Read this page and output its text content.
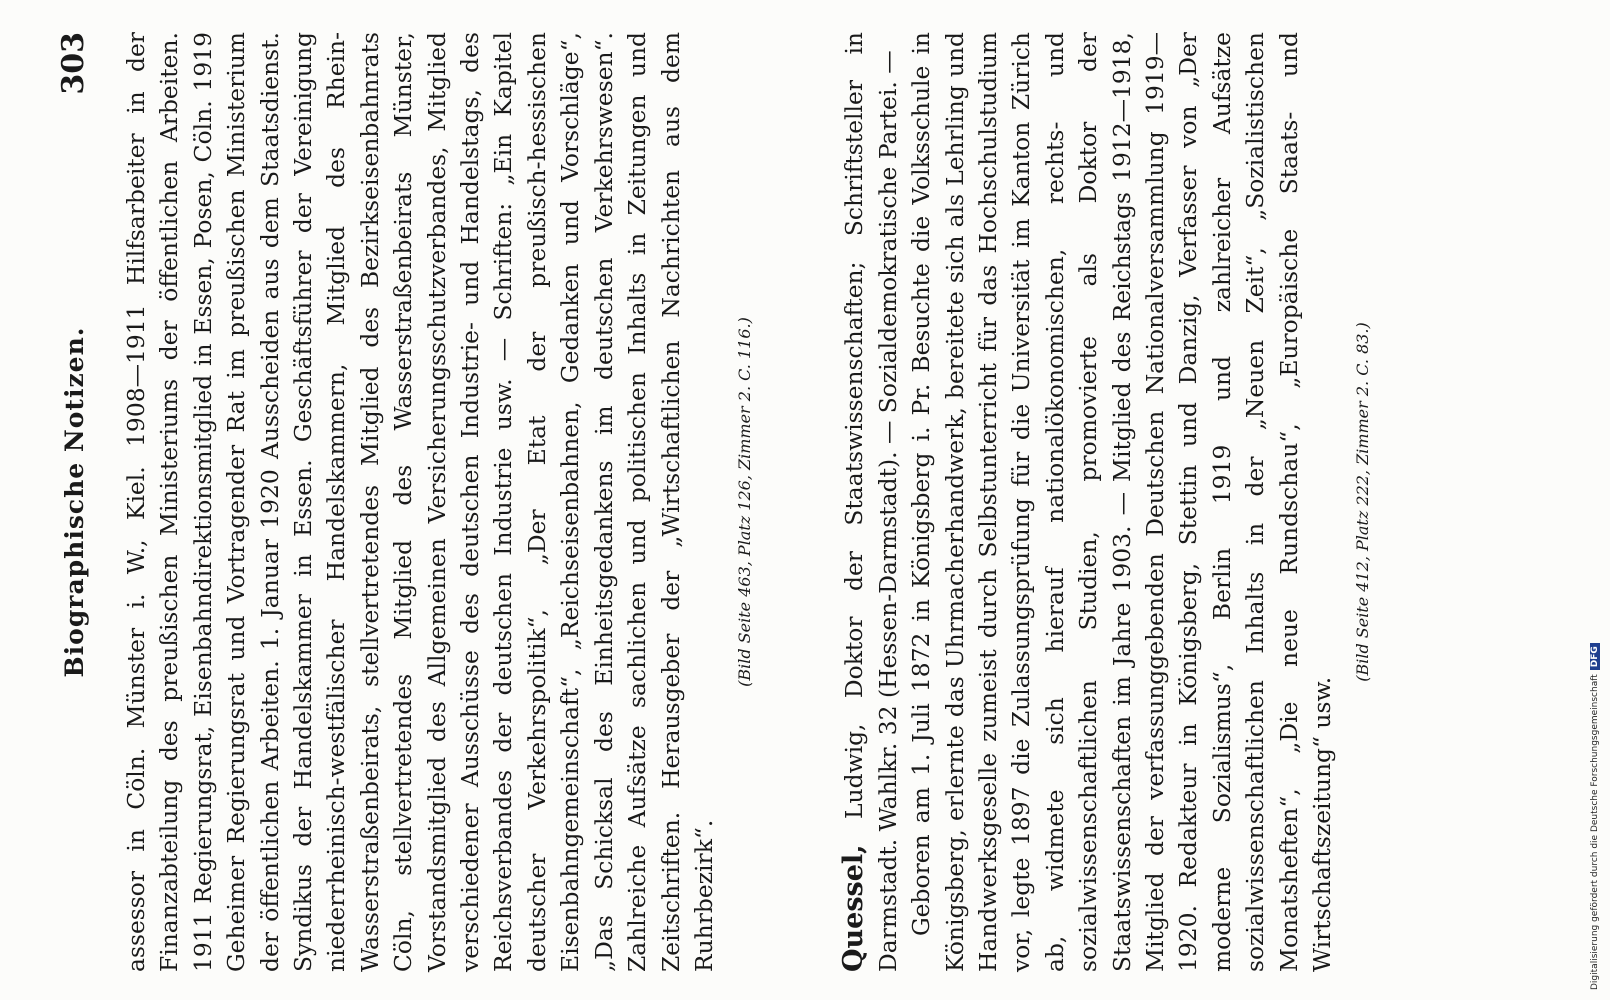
Biographische Notizen.
303 assessor in Cöln. Münster i. W., Kiel. 1908—1911 Hilfsarbeiter in der Finanzabteilung des preußischen Ministeriums der öffentlichen Arbeiten. 1911 Regierungsrat, Eisenbahndirektionsmitglied in Essen, Posen, Cöln. 1919 Geheimer Regierungsrat und Vortragender Rat im preußischen Ministerium der öffentlichen Arbeiten. 1. Januar 1920 Ausscheiden aus dem Staatsdienst. Syndikus der Handelskammer in Essen. Geschäftsführer der Vereinigung niederrheinisch-westfälischer Handelskammern, Mitglied des Rhein-Wasserstraßenbeirats, stellvertretendes Mitglied des Bezirkseisenbahnrats Cöln, stellvertretendes Mitglied des Wasserstraßenbeirats Münster, Vorstandsmitglied des Allgemeinen Versicherungsschutzverbandes, Mitglied verschiedener Ausschüsse des deutschen Industrie- und Handelstags, des Reichsverbandes der deutschen Industrie usw. — Schriften: „Ein Kapitel deutscher Verkehrspolitik“, „Der Etat der preußisch-hessischen Eisenbahngemeinschaft“, „Reichseisenbahnen, Gedanken und Vorschläge“, „Das Schicksal des Einheitsgedankens im deutschen Verkehrswesen“. Zahlreiche Aufsätze sachlichen und politischen Inhalts in Zeitungen und Zeitschriften. Herausgeber der „Wirtschaftlichen Nachrichten aus dem Ruhrbezirk“.

(Bild Seite 463, Platz 126, Zimmer 2. C. 116.)

Quessel, Ludwig, Doktor der Staatswissenschaften; Schriftsteller in Darmstadt. Wahlkr. 32 (Hessen-Darmstadt). — Sozialdemokratische Partei. — Geboren am 1. Juli 1872 in Königsberg i. Pr. Besuchte die Volksschule in Königsberg, erlernte das Uhrmacherhandwerk, bereitete sich als Lehrling und Handwerksgeselle zumeist durch Selbstunterricht für das Hochschulstudium vor, legte 1897 die Zulassungsprüfung für die Universität im Kanton Zürich ab, widmete sich hierauf nationalökonomischen, rechts- und sozialwissenschaftlichen Studien, promovierte als Doktor der Staatswissenschaften im Jahre 1903. — Mitglied des Reichstags 1912—1918, Mitglied der verfassunggebenden Deutschen Nationalversammlung 1919—1920. Redakteur in Königsberg, Stettin und Danzig, Verfasser von „Der moderne Sozialismus“, Berlin 1919 und zahlreicher Aufsätze sozialwissenschaftlichen Inhalts in der „Neuen Zeit“, „Sozialistischen Monatsheften“, „Die neue Rundschau“, „Europäische Staats- und Wirtschaftszeitung“ usw.

(Bild Seite 412, Platz 222, Zimmer 2. C. 83.)
Digitalisierung gefördert durch die Deutsche ForschungsgemeinschaftDFG
